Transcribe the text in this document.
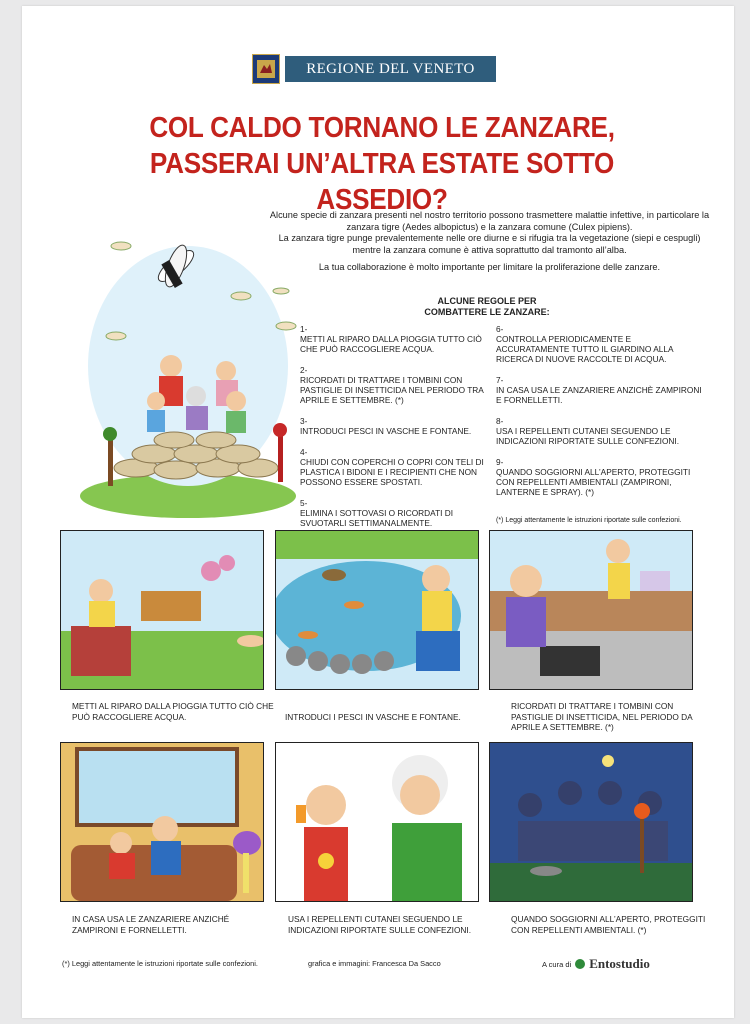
REGIONE DEL VENETO
COL CALDO TORNANO LE ZANZARE,
PASSERAI UN’ALTRA ESTATE SOTTO ASSEDIO?

Alcune specie di zanzara presenti nel nostro territorio possono trasmettere malattie infettive, in particolare la zanzara tigre (Aedes albopictus) e la zanzara comune (Culex pipiens).

La zanzara tigre punge prevalentemente nelle ore diurne e si rifugia tra la vegetazione (siepi e cespugli) mentre la zanzara comune è attiva soprattutto dal tramonto all’alba.

La tua collaborazione è molto importante per limitare la proliferazione delle zanzare.

ALCUNE REGOLE PER COMBATTERE LE ZANZARE:
1-
METTI AL RIPARO DALLA PIOGGIA TUTTO CIÒ CHE PUÒ RACCOGLIERE ACQUA.
2-
RICORDATI DI TRATTARE I TOMBINI CON PASTIGLIE DI INSETTICIDA NEL PERIODO TRA APRILE E SETTEMBRE. (*)
3-
INTRODUCI PESCI IN VASCHE E FONTANE.
4-
CHIUDI CON COPERCHI O COPRI CON TELI DI PLASTICA I BIDONI E I RECIPIENTI CHE NON POSSONO ESSERE SPOSTATI.
5-
ELIMINA I SOTTOVASI O RICORDATI DI SVUOTARLI SETTIMANALMENTE.
6-
CONTROLLA PERIODICAMENTE E ACCURATAMENTE TUTTO IL GIARDINO ALLA RICERCA DI NUOVE RACCOLTE DI ACQUA.
7-
IN CASA USA LE ZANZARIERE ANZICHÈ ZAMPIRONI E FORNELLETTI.
8-
USA I REPELLENTI CUTANEI SEGUENDO LE INDICAZIONI RIPORTATE SULLE CONFEZIONI.
9-
QUANDO SOGGIORNI ALL’APERTO, PROTEGGITI CON REPELLENTI AMBIENTALI (ZAMPIRONI, LANTERNE E SPRAY). (*)
(*) Leggi attentamente le istruzioni riportate sulle confezioni.
METTI AL RIPARO DALLA PIOGGIA TUTTO CIÒ CHE PUÒ RACCOGLIERE ACQUA.	INTRODUCI I PESCI IN VASCHE E FONTANE.
RICORDATI DI TRATTARE I TOMBINI CON PASTIGLIE DI INSETTICIDA, NEL PERIODO DA APRILE A SETTEMBRE. (*)
IN CASA USA LE ZANZARIERE ANZICHÉ ZAMPIRONI E FORNELLETTI.
USA I REPELLENTI CUTANEI SEGUENDO LE INDICAZIONI RIPORTATE SULLE CONFEZIONI.
QUANDO SOGGIORNI ALL’APERTO, PROTEGGITI CON REPELLENTI AMBIENTALI. (*)
(*) Leggi attentamente le istruzioni riportate sulle confezioni.	grafica e immagini: Francesca Da Sacco	A cura di Entostudio
